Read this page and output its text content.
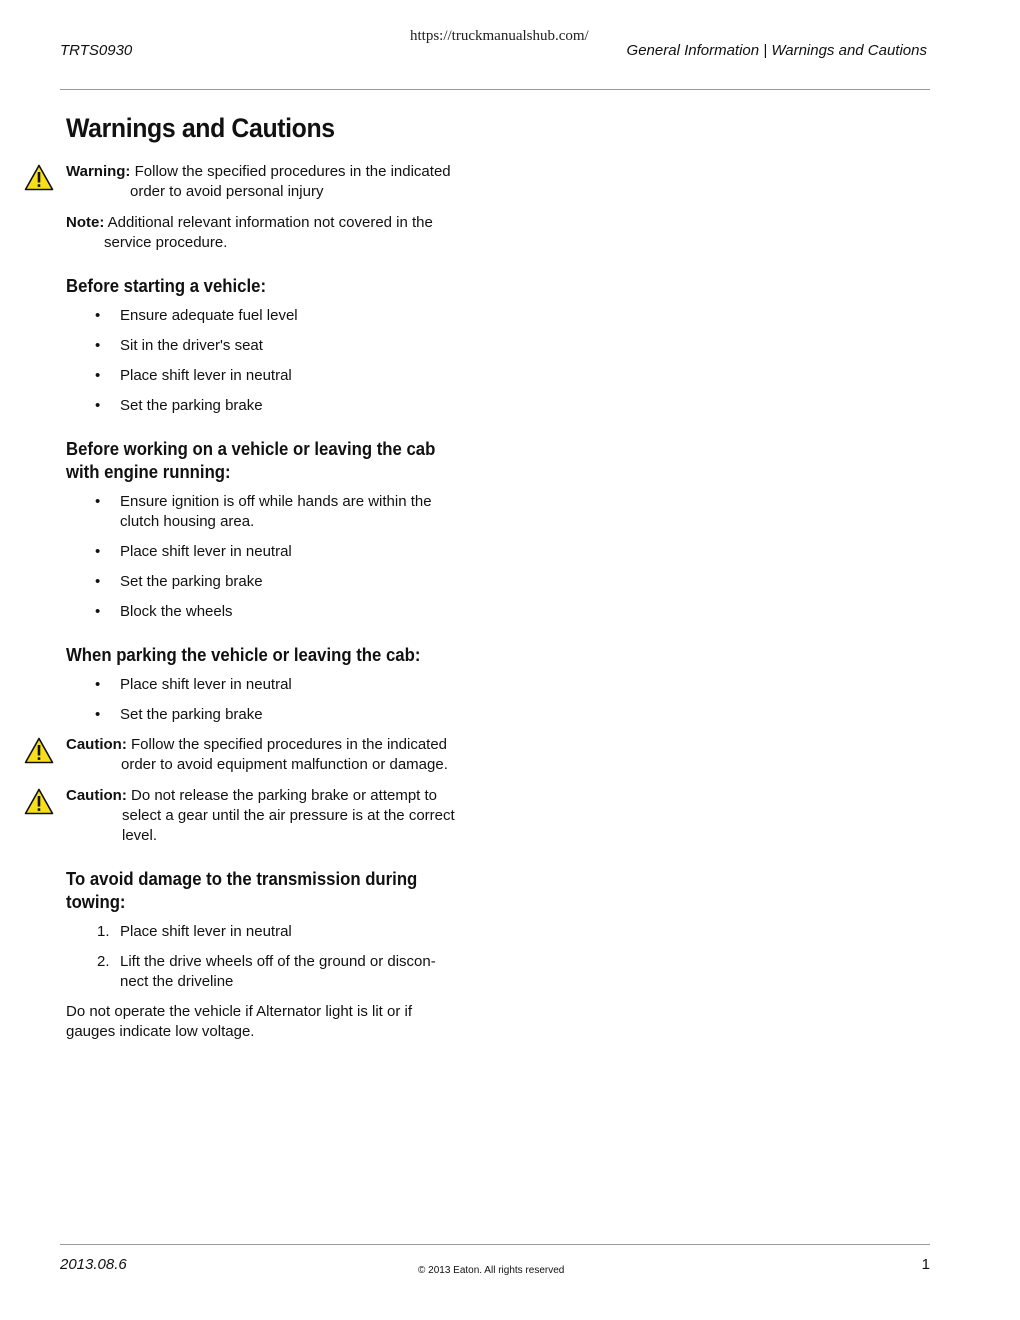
https://truckmanualshub.com/
TRTS0930	General Information | Warnings and Cautions
Warnings and Cautions
Warning: Follow the specified procedures in the indicated
order to avoid personal injury
Note: Additional relevant information not covered in the
service procedure.
Before starting a vehicle:
• Ensure adequate fuel level
• Sit in the driver's seat
• Place shift lever in neutral
• Set the parking brake
Before working on a vehicle or leaving the cab
with engine running:
• Ensure ignition is off while hands are within the
clutch housing area.
• Place shift lever in neutral
• Set the parking brake
• Block the wheels
When parking the vehicle or leaving the cab:
• Place shift lever in neutral
• Set the parking brake
Caution: Follow the specified procedures in the indicated
order to avoid equipment malfunction or damage.
Caution: Do not release the parking brake or attempt to
select a gear until the air pressure is at the correct
level.
To avoid damage to the transmission during
towing:
1. Place shift lever in neutral
2. Lift the drive wheels off of the ground or discon-
nect the driveline
Do not operate the vehicle if Alternator light is lit or if
gauges indicate low voltage.
2013.08.6	© 2013 Eaton. All rights reserved	1
